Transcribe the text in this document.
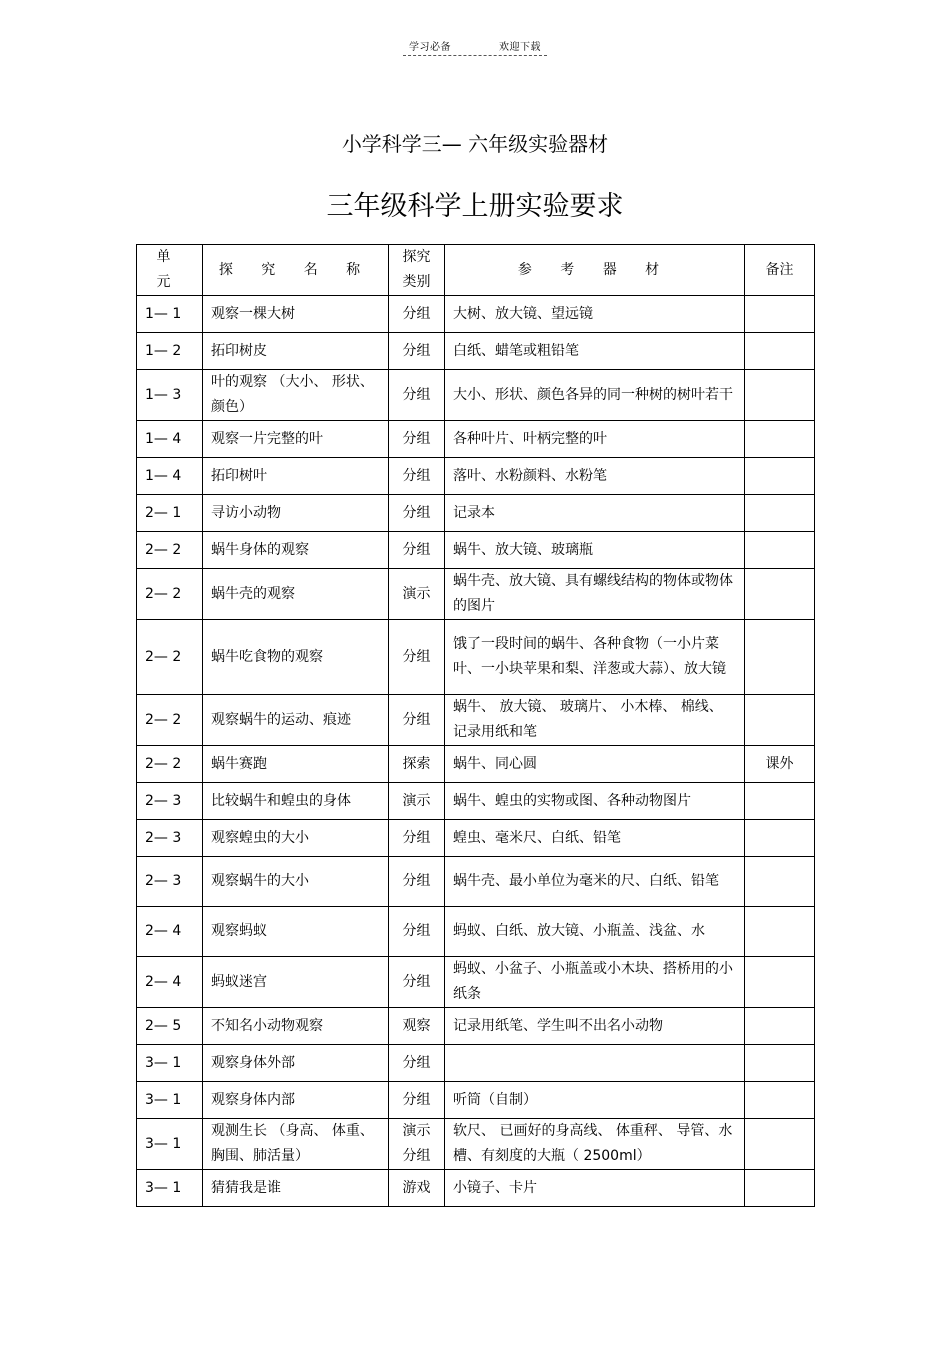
学习必备	欢迎下载
小学科学三— 六年级实验器材
三年级科学上册实验要求
单 元	探 究 名 称	探究类别	参 考 器 材	备注
1— 1	观察一棵大树	分组	大树、放大镜、望远镜	
1— 2	拓印树皮	分组	白纸、蜡笔或粗铅笔	
1— 3	叶的观察 （大小、 形状、颜色）	分组	大小、形状、颜色各异的同一种树的树叶若干	
1— 4	观察一片完整的叶	分组	各种叶片、叶柄完整的叶	
1— 4	拓印树叶	分组	落叶、水粉颜料、水粉笔	
2— 1	寻访小动物	分组	记录本	
2— 2	蜗牛身体的观察	分组	蜗牛、放大镜、玻璃瓶	
2— 2	蜗牛壳的观察	演示	蜗牛壳、放大镜、具有螺线结构的物体或物体的图片	
2— 2	蜗牛吃食物的观察	分组	饿了一段时间的蜗牛、各种食物（一小片菜叶、一小块苹果和梨、洋葱或大蒜）、放大镜	
2— 2	观察蜗牛的运动、痕迹	分组	蜗牛、 放大镜、 玻璃片、 小木棒、 棉线、记录用纸和笔	
2— 2	蜗牛赛跑	探索	蜗牛、同心圆	课外
2— 3	比较蜗牛和蝗虫的身体	演示	蜗牛、蝗虫的实物或图、各种动物图片	
2— 3	观察蝗虫的大小	分组	蝗虫、毫米尺、白纸、铅笔	
2— 3	观察蜗牛的大小	分组	蜗牛壳、最小单位为毫米的尺、白纸、铅笔	
2— 4	观察蚂蚁	分组	蚂蚁、白纸、放大镜、小瓶盖、浅盆、水	
2— 4	蚂蚁迷宫	分组	蚂蚁、小盆子、小瓶盖或小木块、搭桥用的小纸条	
2— 5	不知名小动物观察	观察	记录用纸笔、学生叫不出名小动物	
3— 1	观察身体外部	分组		
3— 1	观察身体内部	分组	听筒（自制）	
3— 1	观测生长 （身高、 体重、胸围、肺活量）	演示分组	软尺、 已画好的身高线、 体重秤、 导管、水槽、有刻度的大瓶（ 2500ml）	
3— 1	猜猜我是谁	游戏	小镜子、卡片	
